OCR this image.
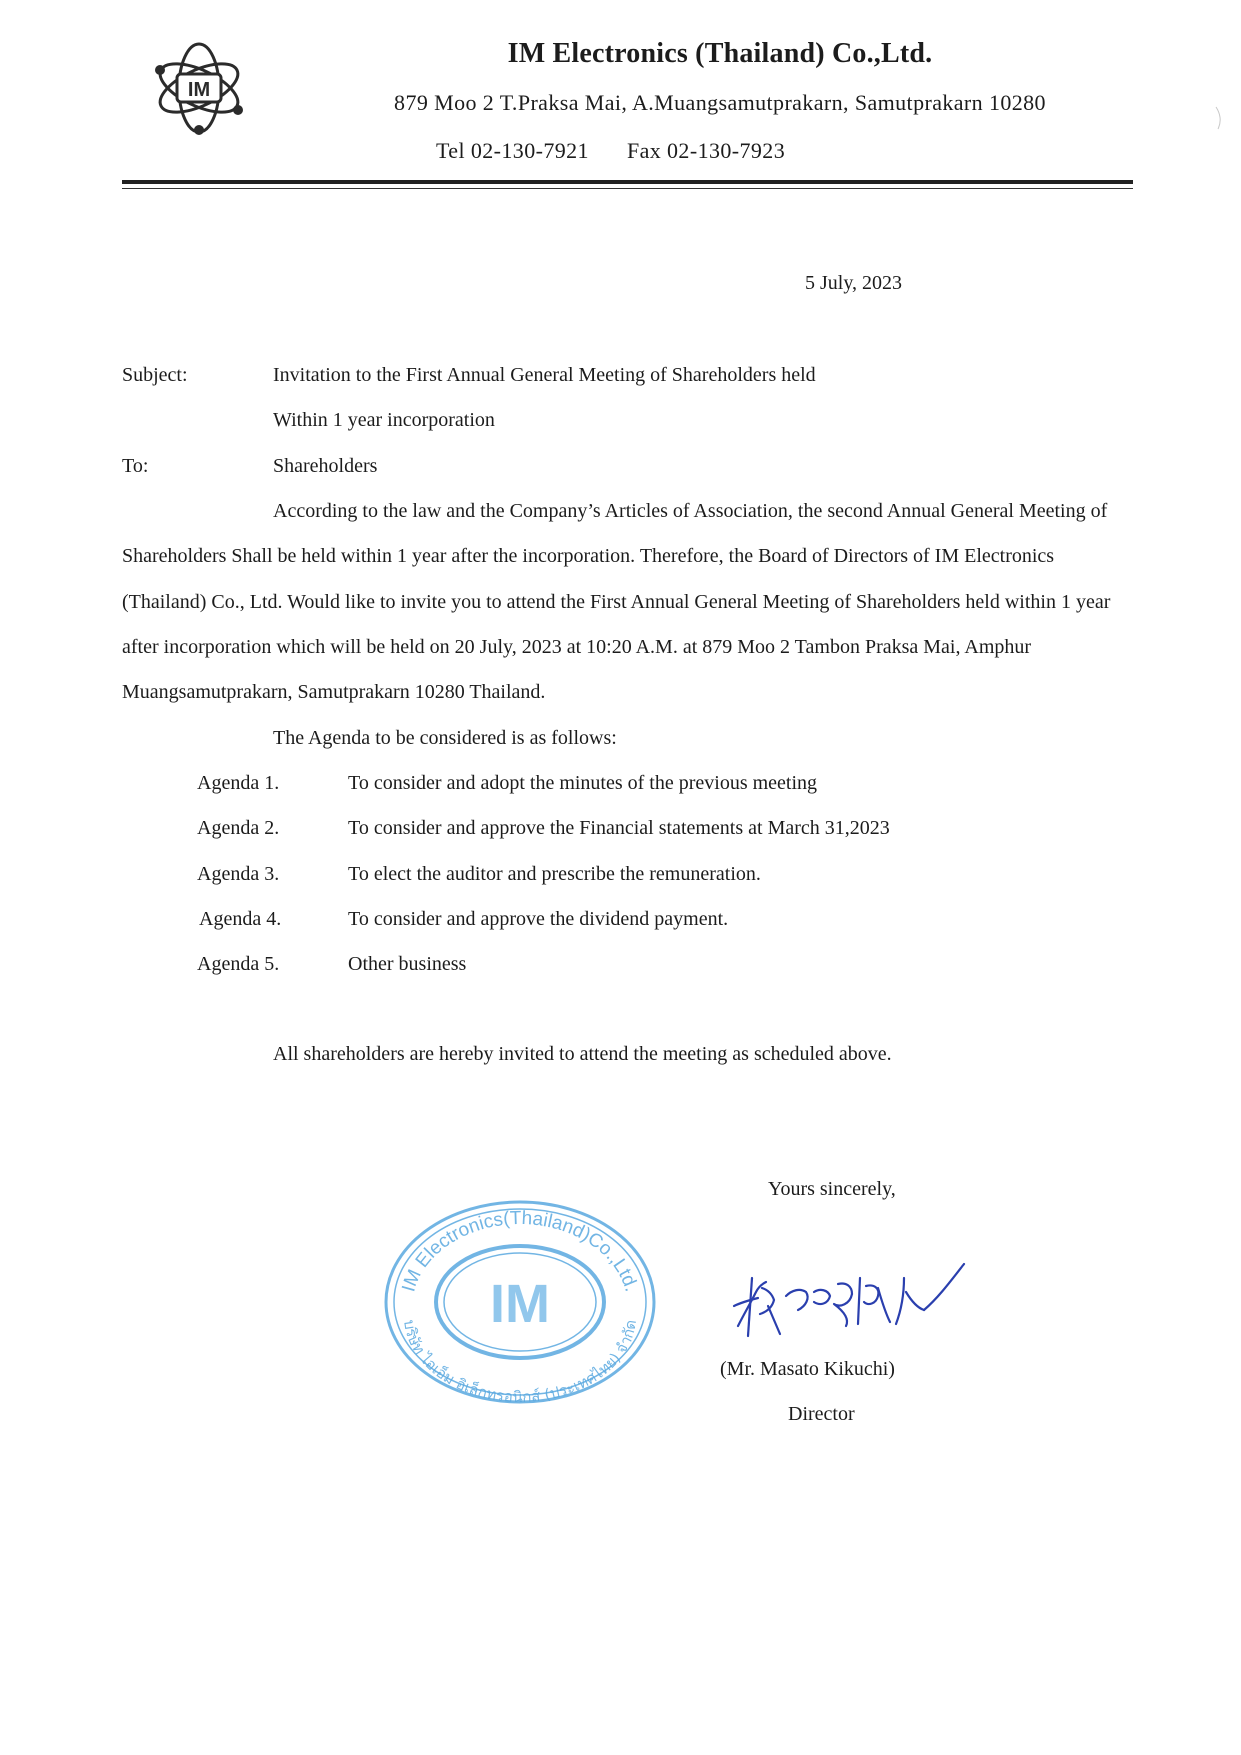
IM
IM Electronics (Thailand) Co.,Ltd.
879 Moo 2 T.Praksa Mai, A.Muangsamutprakarn, Samutprakarn 10280
Tel 02-130-7921 Fax 02-130-7923
5 July, 2023
Subject:	Invitation to the First Annual General Meeting of Shareholders held
Within 1 year incorporation
To:	Shareholders
According to the law and the Company’s Articles of Association, the second Annual General Meeting of Shareholders Shall be held within 1 year after the incorporation. Therefore, the Board of Directors of IM Electronics (Thailand) Co., Ltd. Would like to invite you to attend the First Annual General Meeting of Shareholders held within 1 year after incorporation which will be held on 20 July, 2023 at 10:20 A.M. at 879 Moo 2 Tambon Praksa Mai, Amphur Muangsamutprakarn, Samutprakarn 10280 Thailand.
The Agenda to be considered is as follows:
Agenda 1.	To consider and adopt the minutes of the previous meeting
Agenda 2.	To consider and approve the Financial statements at March 31,2023
Agenda 3.	To elect the auditor and prescribe the remuneration.
Agenda 4.	To consider and approve the dividend payment.
Agenda 5.	Other business
All shareholders are hereby invited to attend the meeting as scheduled above.
Yours sincerely,
IM Electronics(Thailand)Co.,Ltd.
บริษัท ไอเอ็ม อิเล็กทรอนิกส์ (ประเทศไทย) จำกัด
IM
(Mr. Masato Kikuchi)
Director
